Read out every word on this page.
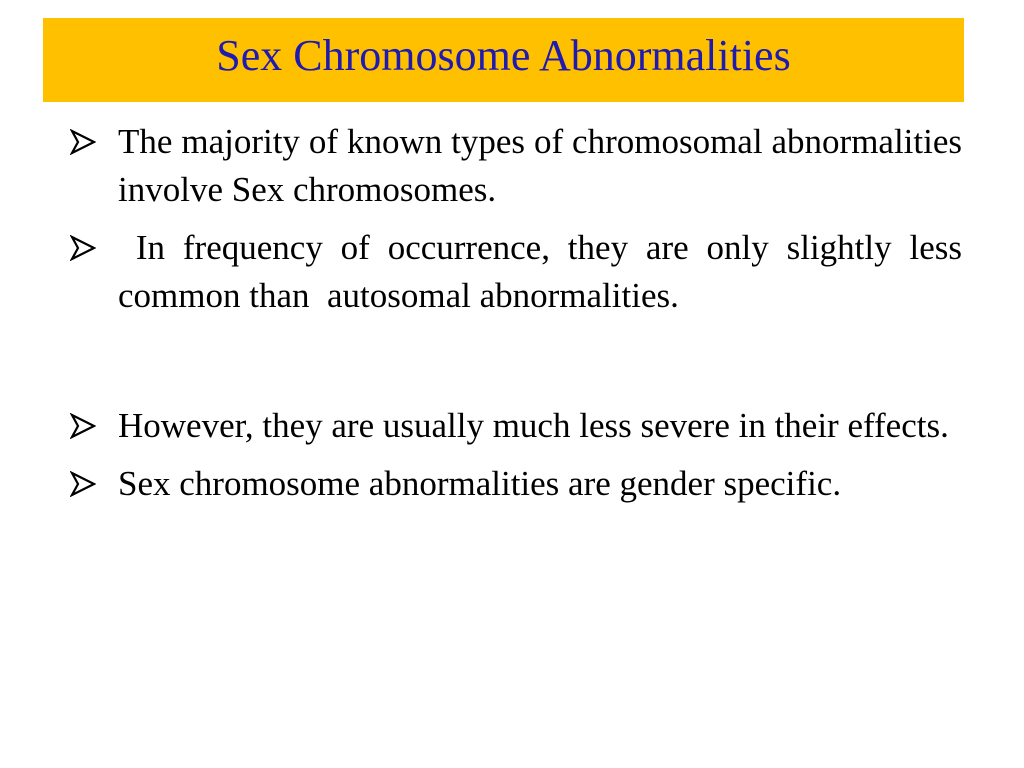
Sex Chromosome Abnormalities
The majority of known types of chromosomal abnormalities involve Sex chromosomes.
In frequency of occurrence, they are only slightly less common than  autosomal abnormalities.
However, they are usually much less severe in their effects.
Sex chromosome abnormalities are gender specific.
